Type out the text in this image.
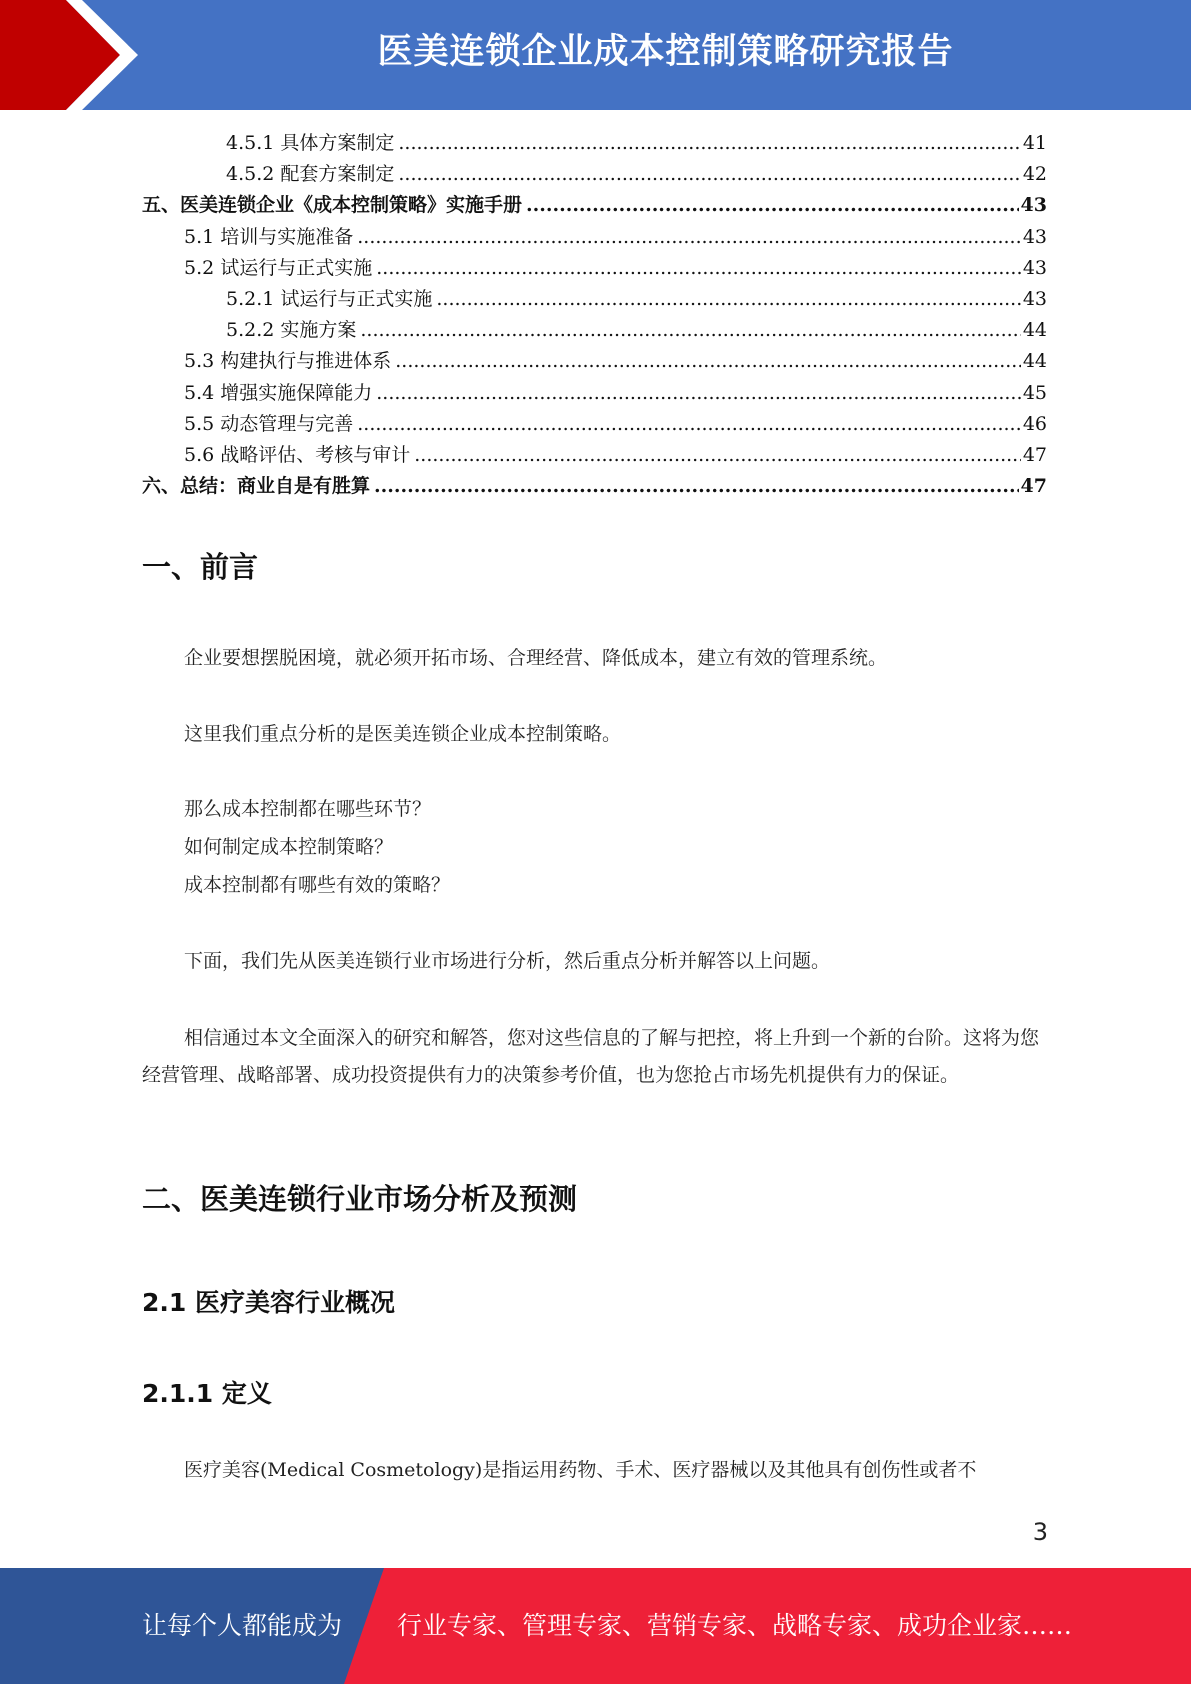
医美连锁企业成本控制策略研究报告
4.5.1 具体方案制定 .....	41
4.5.2 配套方案制定 .....	42
五、医美连锁企业《成本控制策略》实施手册 .....	43
5.1 培训与实施准备 .....	43
5.2 试运行与正式实施 .....	43
5.2.1 试运行与正式实施 .....	43
5.2.2 实施方案 .....	44
5.3 构建执行与推进体系 .....	44
5.4 增强实施保障能力 .....	45
5.5 动态管理与完善 .....	46
5.6 战略评估、考核与审计 .....	47
六、总结：商业自是有胜算 .....	47
一、前言

企业要想摆脱困境，就必须开拓市场、合理经营、降低成本，建立有效的管理系统。

这里我们重点分析的是医美连锁企业成本控制策略。

那么成本控制都在哪些环节？

如何制定成本控制策略？

成本控制都有哪些有效的策略？

下面，我们先从医美连锁行业市场进行分析，然后重点分析并解答以上问题。

相信通过本文全面深入的研究和解答，您对这些信息的了解与把控，将上升到一个新的台阶。这将为您经营管理、战略部署、成功投资提供有力的决策参考价值，也为您抢占市场先机提供有力的保证。

二、医美连锁行业市场分析及预测
2.1 医疗美容行业概况
2.1.1 定义

医疗美容(Medical Cosmetology)是指运用药物、手术、医疗器械以及其他具有创伤性或者不

3
让每个人都能成为 行业专家、管理专家、营销专家、战略专家、成功企业家……
